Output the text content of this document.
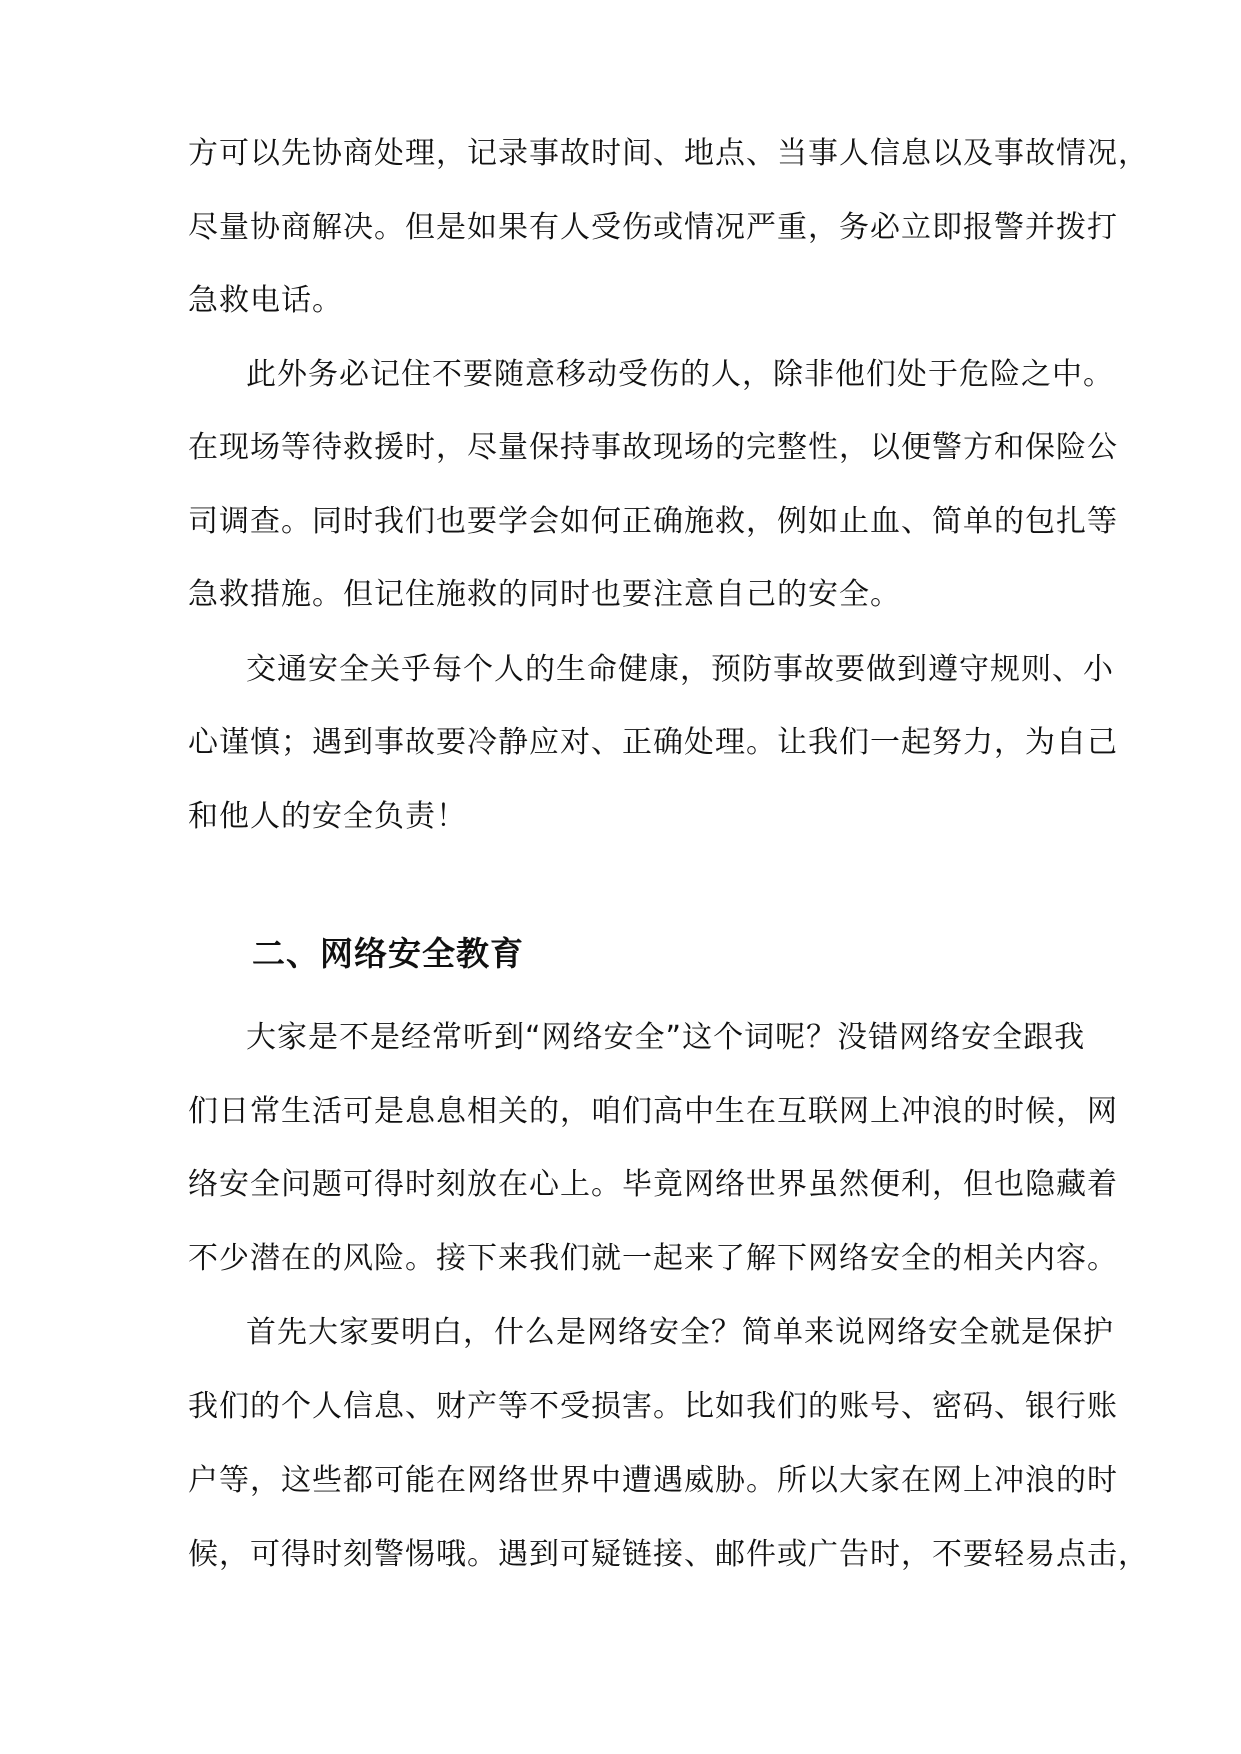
方可以先协商处理，记录事故时间、地点、当事人信息以及事故情况，

尽量协商解决。但是如果有人受伤或情况严重，务必立即报警并拨打

急救电话。

此外务必记住不要随意移动受伤的人，除非他们处于危险之中。

在现场等待救援时，尽量保持事故现场的完整性，以便警方和保险公

司调查。同时我们也要学会如何正确施救，例如止血、简单的包扎等

急救措施。但记住施救的同时也要注意自己的安全。

交通安全关乎每个人的生命健康，预防事故要做到遵守规则、小

心谨慎；遇到事故要冷静应对、正确处理。让我们一起努力，为自己

和他人的安全负责！

二、网络安全教育

大家是不是经常听到“网络安全”这个词呢？没错网络安全跟我

们日常生活可是息息相关的，咱们高中生在互联网上冲浪的时候，网

络安全问题可得时刻放在心上。毕竟网络世界虽然便利，但也隐藏着

不少潜在的风险。接下来我们就一起来了解下网络安全的相关内容。

首先大家要明白，什么是网络安全？简单来说网络安全就是保护

我们的个人信息、财产等不受损害。比如我们的账号、密码、银行账

户等，这些都可能在网络世界中遭遇威胁。所以大家在网上冲浪的时

候，可得时刻警惕哦。遇到可疑链接、邮件或广告时，不要轻易点击，
